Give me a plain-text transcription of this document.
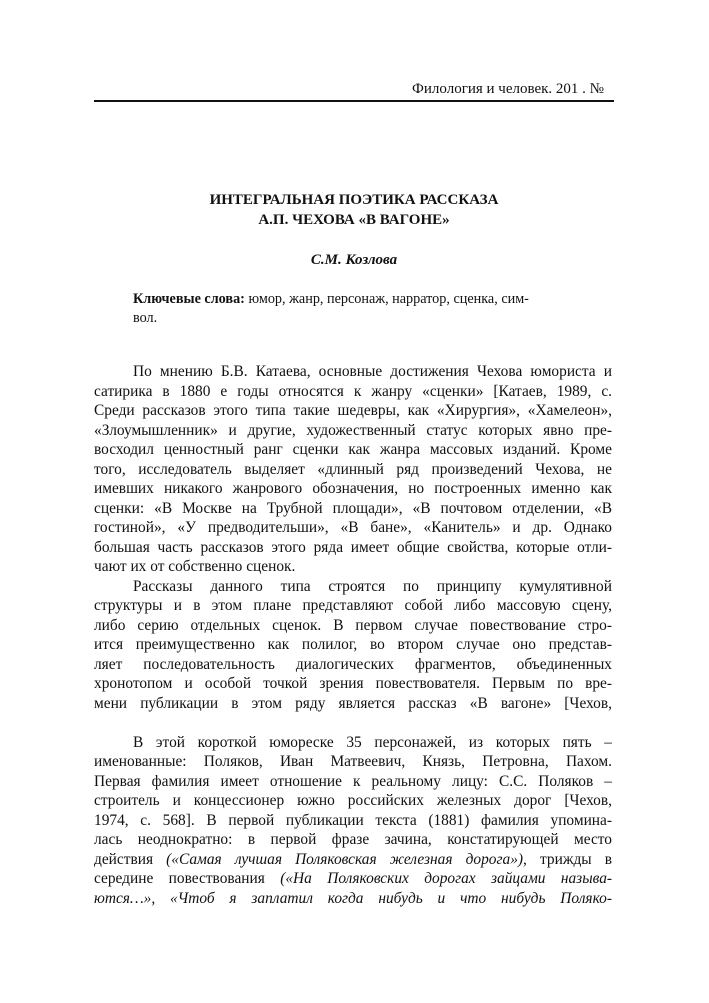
Филология и человек. 201 . №
ИНТЕГРАЛЬНАЯ ПОЭТИКА РАССКАЗА
А.П. ЧЕХОВА «В ВАГОНЕ»
С.М. Козлова
Ключевые слова: юмор, жанр, персонаж, нарратор, сценка, сим-
вол.
По мнению Б.В. Катаева, основные достижения Чехова юмориста и
сатирика в 1880 е годы относятся к жанру «сценки» [Катаев, 1989, с.
Среди рассказов этого типа такие шедевры, как «Хирургия», «Хамелеон»,
«Злоумышленник» и другие, художественный статус которых явно пре-
восходил ценностный ранг сценки как жанра массовых изданий. Кроме
того, исследователь выделяет «длинный ряд произведений Чехова, не
имевших никакого жанрового обозначения, но построенных именно как
сценки: «В Москве на Трубной площади», «В почтовом отделении, «В
гостиной», «У предводительши», «В бане», «Канитель» и др. Однако
большая часть рассказов этого ряда имеет общие свойства, которые отли-
чают их от собственно сценок.
Рассказы данного типа строятся по принципу кумулятивной
структуры и в этом плане представляют собой либо массовую сцену,
либо серию отдельных сценок. В первом случае повествование стро-
ится преимущественно как полилог, во втором случае оно представ-
ляет последовательность диалогических фрагментов, объединенных
хронотопом и особой точкой зрения повествователя. Первым по вре-
мени публикации в этом ряду является рассказ «В вагоне» [Чехов,
В этой короткой юмореске 35 персонажей, из которых пять –
именованные: Поляков, Иван Матвеевич, Князь, Петровна, Пахом.
Первая фамилия имеет отношение к реальному лицу: С.С. Поляков –
строитель и концессионер южно российских железных дорог [Чехов,
1974, с. 568]. В первой публикации текста (1881) фамилия упомина-
лась неоднократно: в первой фразе зачина, констатирующей место
действия («Самая лучшая Поляковская железная дорога»), трижды в
середине повествования («На Поляковских дорогах зайцами называ-
ются…», «Чтоб я заплатил когда нибудь и что нибудь Поляко-
